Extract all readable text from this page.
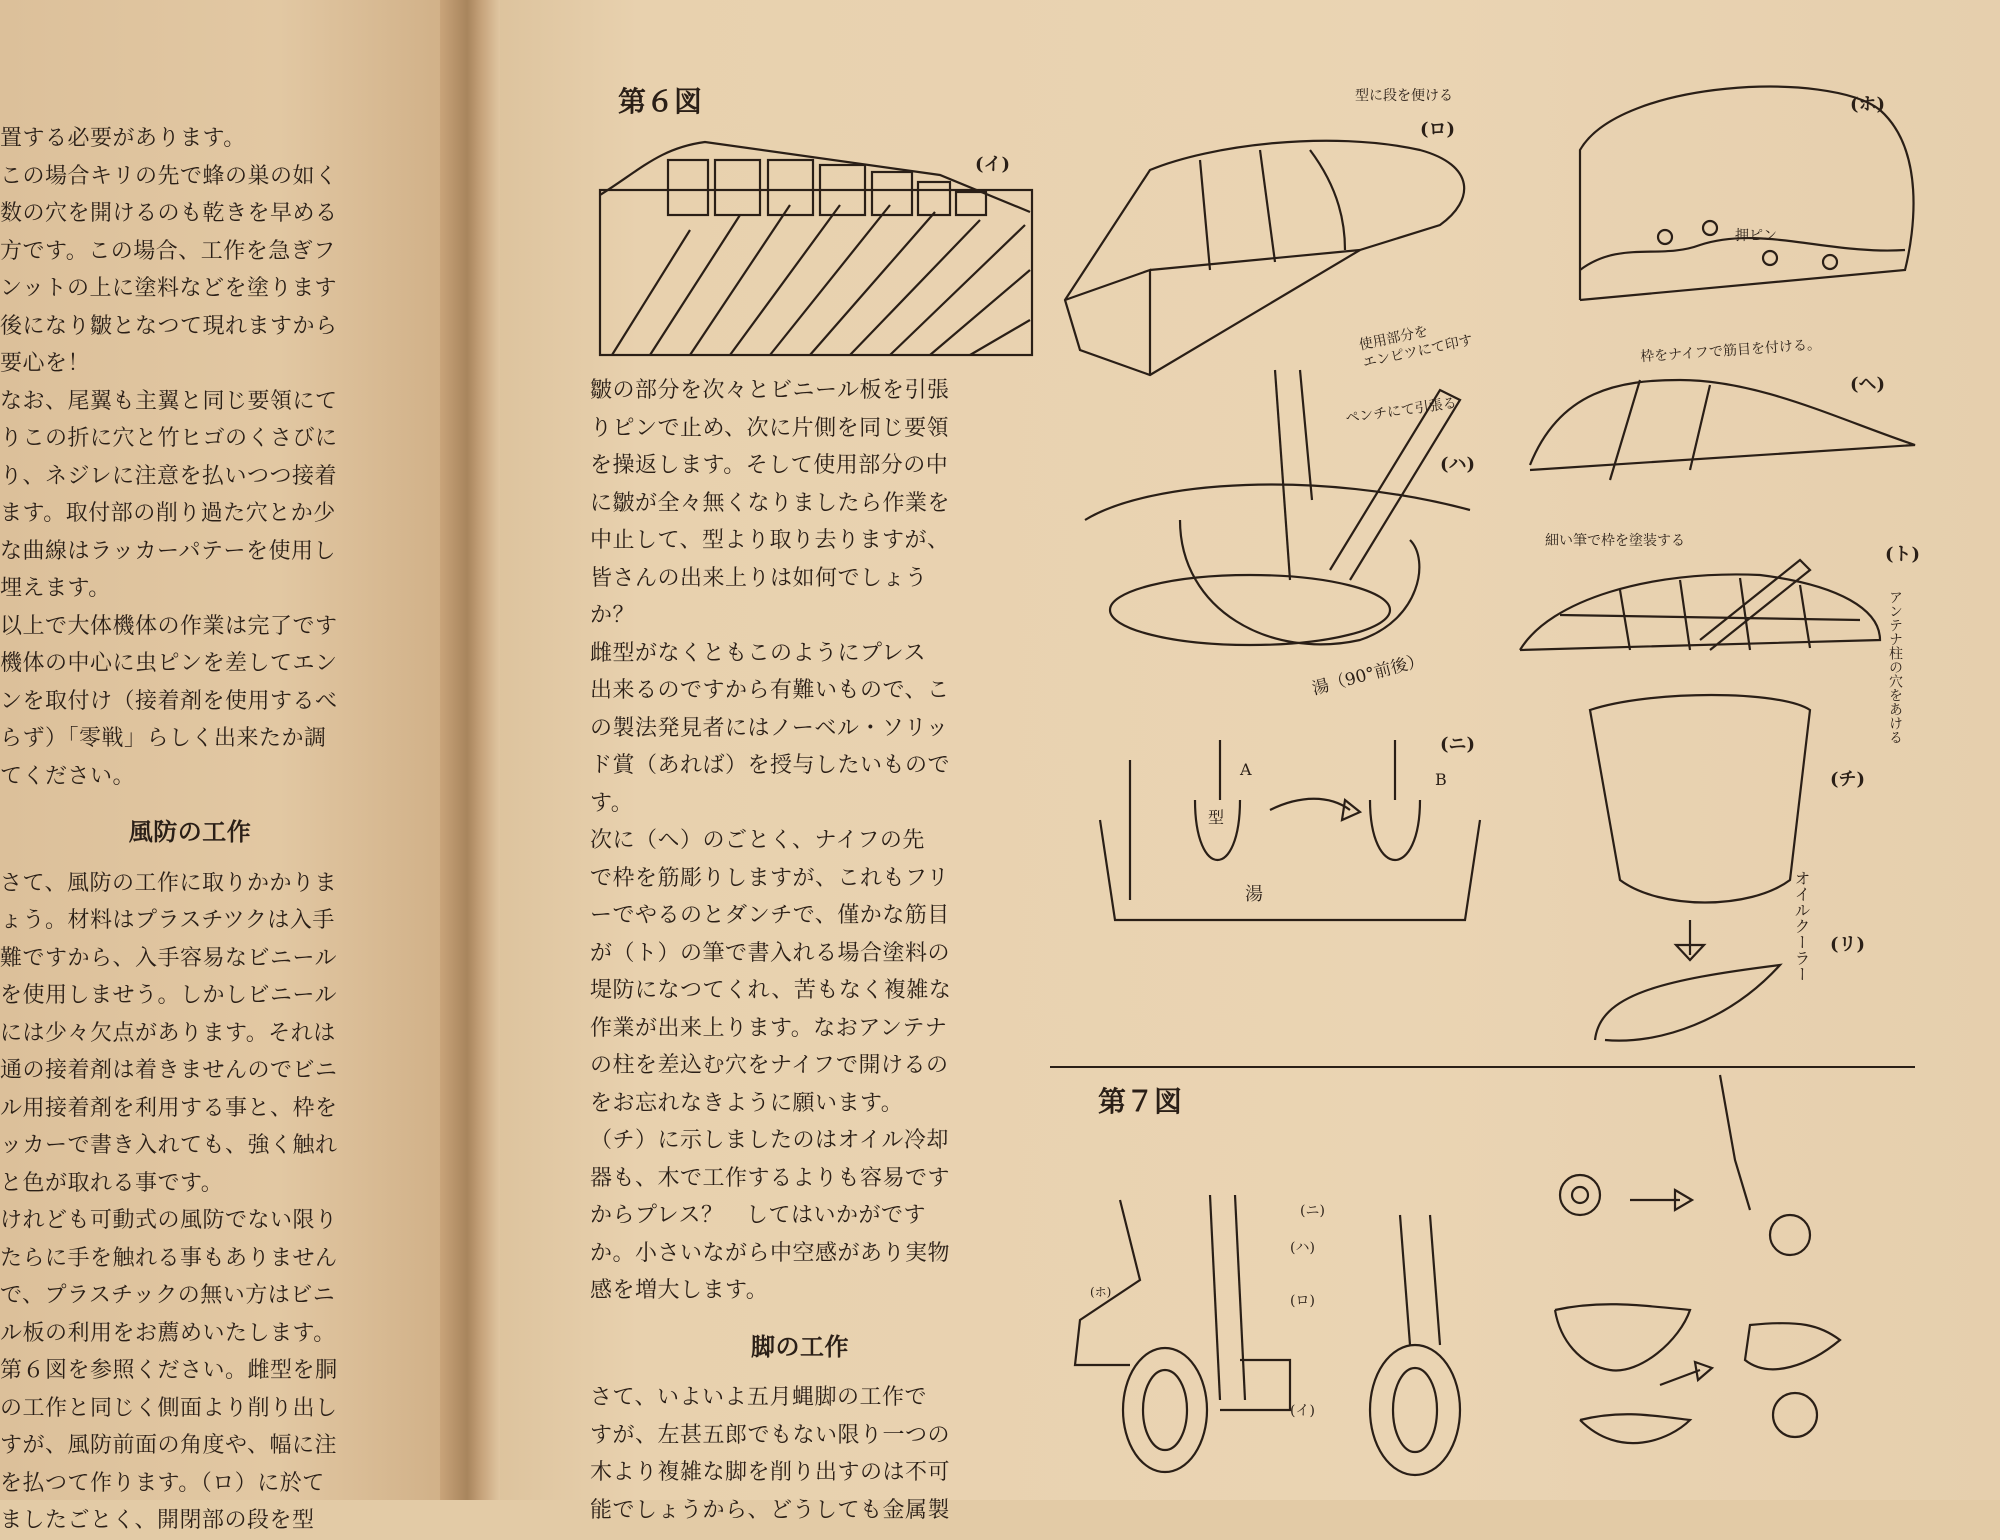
置する必要があります。

この場合キリの先で蜂の巣の如く

数の穴を開けるのも乾きを早める

方です。この場合、工作を急ぎフ

ンットの上に塗料などを塗ります

後になり皺となつて現れますから

要心を！

なお、尾翼も主翼と同じ要領にて

りこの折に穴と竹ヒゴのくさびに

り、ネジレに注意を払いつつ接着

ます。取付部の削り過た穴とか少

な曲線はラッカーパテーを使用し

埋えます。

以上で大体機体の作業は完了です

機体の中心に虫ピンを差してエン

ンを取付け（接着剤を使用するべ

らず）「零戦」らしく出来たか調

てください。

風防の工作

さて、風防の工作に取りかかりま

ょう。材料はプラスチツクは入手

難ですから、入手容易なビニール

を使用しませう。しかしビニール

には少々欠点があります。それは

通の接着剤は着きませんのでビニ

ル用接着剤を利用する事と、枠を

ッカーで書き入れても、強く触れ

と色が取れる事です。

けれども可動式の風防でない限り

たらに手を触れる事もありません

で、プラスチックの無い方はビニ

ル板の利用をお薦めいたします。

第６図を参照ください。雌型を胴

の工作と同じく側面より削り出し

すが、風防前面の角度や、幅に注

を払つて作ります。（ロ）に於て

ましたごとく、開閉部の段を型

皺の部分を次々とビニール板を引張

りピンで止め、次に片側を同じ要領

を操返します。そして使用部分の中

に皺が全々無くなりましたら作業を

中止して、型より取り去りますが、

皆さんの出来上りは如何でしょう

か？

雌型がなくともこのようにプレス

出来るのですから有難いもので、こ

の製法発見者にはノーベル・ソリッ

ド賞（あれば）を授与したいもので

す。

次に（ヘ）のごとく、ナイフの先

で枠を筋彫りしますが、これもフリ

ーでやるのとダンチで、僅かな筋目

が（ト）の筆で書入れる場合塗料の

堤防になつてくれ、苦もなく複雑な

作業が出来上ります。なおアンテナ

の柱を差込む穴をナイフで開けるの

をお忘れなきように願います。

（チ）に示しましたのはオイル冷却

器も、木で工作するよりも容易です

からプレス？　してはいかがです

か。小さいながら中空感があり実物

感を増大します。

脚の工作

さて、いよいよ五月蝿脚の工作で

すが、左甚五郎でもない限り一つの

木より複雑な脚を削り出すのは不可

能でしょうから、どうしても金属製

第６図
第７図
(イ)
(ロ)
(ハ)
(ニ)
(ホ)
(ヘ)
(ト)
(チ)
(リ)
型に段を便ける
使用部分を
エンピツにて印す
ペンチにて引張る
湯（90°前後）
押ピン
枠をナイフで筋目を付ける。
細い筆で枠を塗装する
アンテナ柱の穴をあける
オイルクーラー
A
B
型
湯
(ニ)
(ハ)
(ロ)
(イ)
(ホ)
